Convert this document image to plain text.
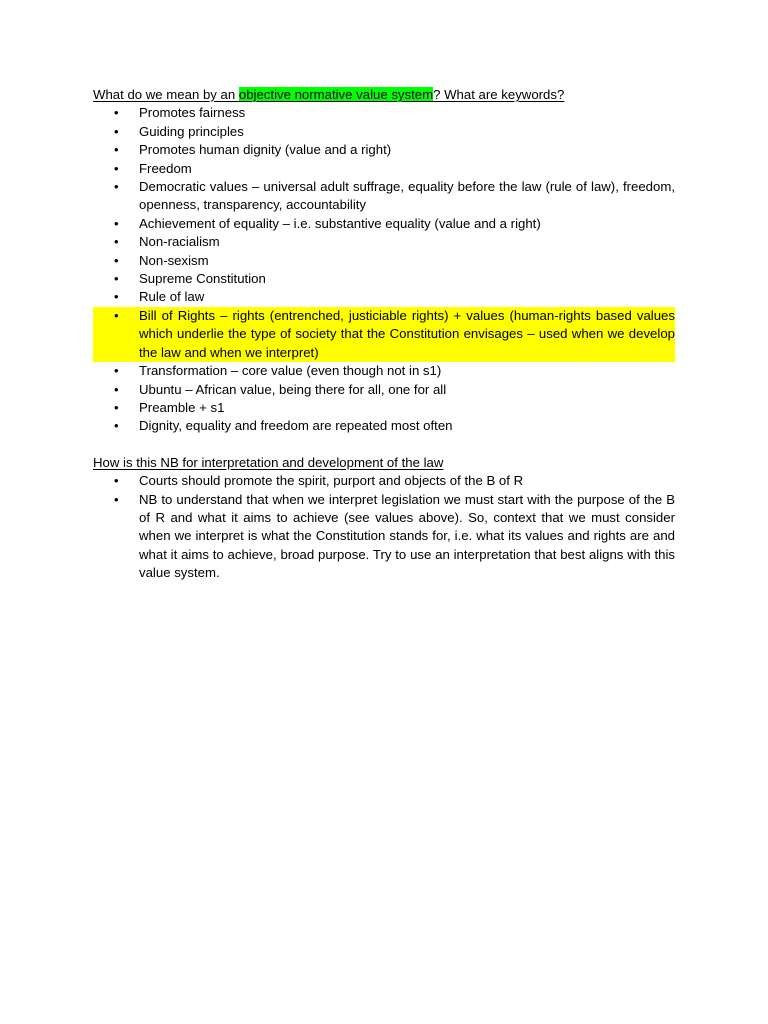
What do we mean by an objective normative value system? What are keywords?

• Promotes fairness
• Guiding principles
• Promotes human dignity (value and a right)
• Freedom
• Democratic values – universal adult suffrage, equality before the law (rule of law), freedom, openness, transparency, accountability
• Achievement of equality – i.e. substantive equality (value and a right)
• Non-racialism
• Non-sexism
• Supreme Constitution
• Rule of law
• Bill of Rights – rights (entrenched, justiciable rights) + values (human-rights based values which underlie the type of society that the Constitution envisages – used when we develop the law and when we interpret)
• Transformation – core value (even though not in s1)
• Ubuntu – African value, being there for all, one for all
• Preamble + s1
• Dignity, equality and freedom are repeated most often

How is this NB for interpretation and development of the law

• Courts should promote the spirit, purport and objects of the B of R
• NB to understand that when we interpret legislation we must start with the purpose of the B of R and what it aims to achieve (see values above). So, context that we must consider when we interpret is what the Constitution stands for, i.e. what its values and rights are and what it aims to achieve, broad purpose. Try to use an interpretation that best aligns with this value system.
